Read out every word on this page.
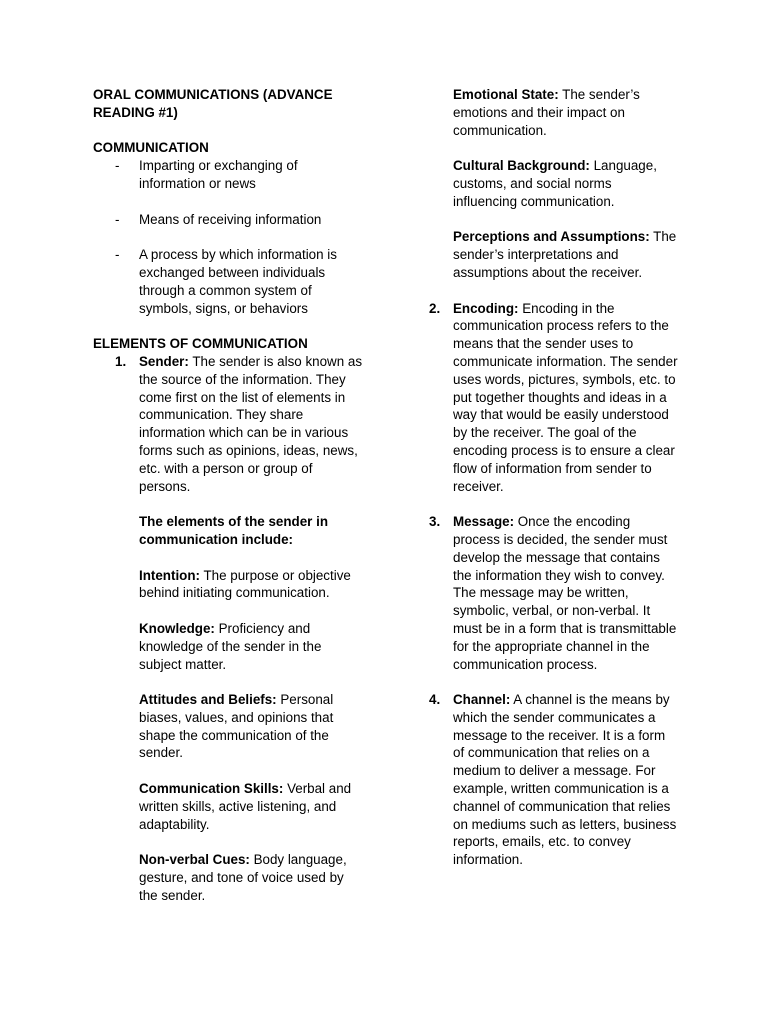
ORAL COMMUNICATIONS (ADVANCE READING #1)
COMMUNICATION
- Imparting or exchanging of information or news
- Means of receiving information
- A process by which information is exchanged between individuals through a common system of symbols, signs, or behaviors
ELEMENTS OF COMMUNICATION
1. Sender: The sender is also known as the source of the information. They come first on the list of elements in communication. They share information which can be in various forms such as opinions, ideas, news, etc. with a person or group of persons.
The elements of the sender in communication include:
Intention: The purpose or objective behind initiating communication.
Knowledge: Proficiency and knowledge of the sender in the subject matter.
Attitudes and Beliefs: Personal biases, values, and opinions that shape the communication of the sender.
Communication Skills: Verbal and written skills, active listening, and adaptability.
Non-verbal Cues: Body language, gesture, and tone of voice used by the sender.
Emotional State: The sender’s emotions and their impact on communication.
Cultural Background: Language, customs, and social norms influencing communication.
Perceptions and Assumptions: The sender’s interpretations and assumptions about the receiver.
2. Encoding: Encoding in the communication process refers to the means that the sender uses to communicate information. The sender uses words, pictures, symbols, etc. to put together thoughts and ideas in a way that would be easily understood by the receiver. The goal of the encoding process is to ensure a clear flow of information from sender to receiver.
3. Message: Once the encoding process is decided, the sender must develop the message that contains the information they wish to convey. The message may be written, symbolic, verbal, or non-verbal. It must be in a form that is transmittable for the appropriate channel in the communication process.
4. Channel: A channel is the means by which the sender communicates a message to the receiver. It is a form of communication that relies on a medium to deliver a message. For example, written communication is a channel of communication that relies on mediums such as letters, business reports, emails, etc. to convey information.
